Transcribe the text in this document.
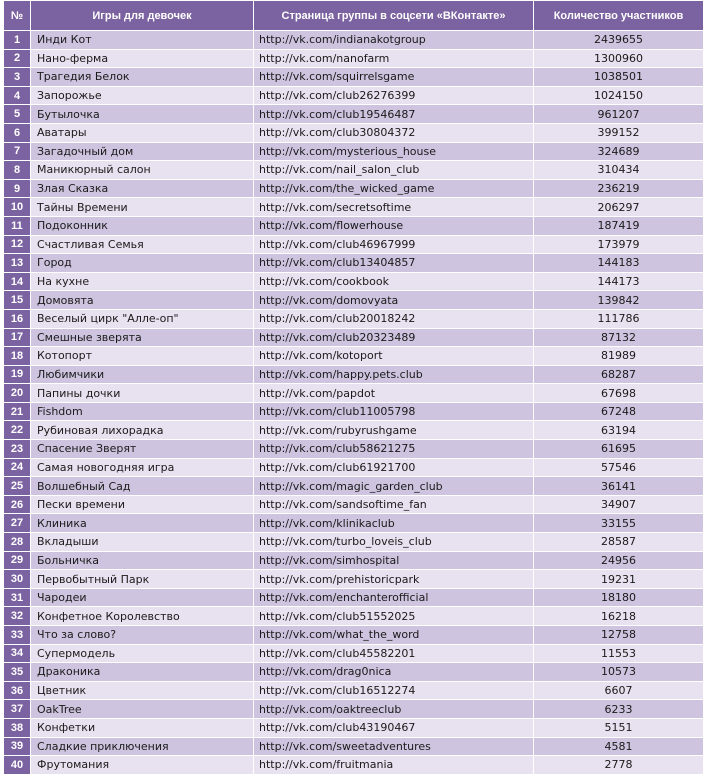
№	Игры для девочек	Страница группы в соцсети «ВКонтакте»	Количество участников
1	Инди Кот	http://vk.com/indianakotgroup	2439655
2	Нано-ферма	http://vk.com/nanofarm	1300960
3	Трагедия Белок	http://vk.com/squirrelsgame	1038501
4	Запорожье	http://vk.com/club26276399	1024150
5	Бутылочка	http://vk.com/club19546487	961207
6	Аватары	http://vk.com/club30804372	399152
7	Загадочный дом	http://vk.com/mysterious_house	324689
8	Маникюрный салон	http://vk.com/nail_salon_club	310434
9	Злая Сказка	http://vk.com/the_wicked_game	236219
10	Тайны Времени	http://vk.com/secretsoftime	206297
11	Подоконник	http://vk.com/flowerhouse	187419
12	Счастливая Семья	http://vk.com/club46967999	173979
13	Город	http://vk.com/club13404857	144183
14	На кухне	http://vk.com/cookbook	144173
15	Домовята	http://vk.com/domovyata	139842
16	Веселый цирк "Алле-оп"	http://vk.com/club20018242	111786
17	Смешные зверята	http://vk.com/club20323489	87132
18	Котопорт	http://vk.com/kotoport	81989
19	Любимчики	http://vk.com/happy.pets.club	68287
20	Папины дочки	http://vk.com/papdot	67698
21	Fishdom	http://vk.com/club11005798	67248
22	Рубиновая лихорадка	http://vk.com/rubyrushgame	63194
23	Спасение Зверят	http://vk.com/club58621275	61695
24	Самая новогодняя игра	http://vk.com/club61921700	57546
25	Волшебный Сад	http://vk.com/magic_garden_club	36141
26	Пески времени	http://vk.com/sandsoftime_fan	34907
27	Клиника	http://vk.com/klinikaclub	33155
28	Вкладыши	http://vk.com/turbo_loveis_club	28587
29	Больничка	http://vk.com/simhospital	24956
30	Первобытный Парк	http://vk.com/prehistoricpark	19231
31	Чародеи	http://vk.com/enchanterofficial	18180
32	Конфетное Королевство	http://vk.com/club51552025	16218
33	Что за слово?	http://vk.com/what_the_word	12758
34	Супермодель	http://vk.com/club45582201	11553
35	Драконика	http://vk.com/drag0nica	10573
36	Цветник	http://vk.com/club16512274	6607
37	OakTree	http://vk.com/oaktreeclub	6233
38	Конфетки	http://vk.com/club43190467	5151
39	Сладкие приключения	http://vk.com/sweetadventures	4581
40	Фрутомания	http://vk.com/fruitmania	2778
